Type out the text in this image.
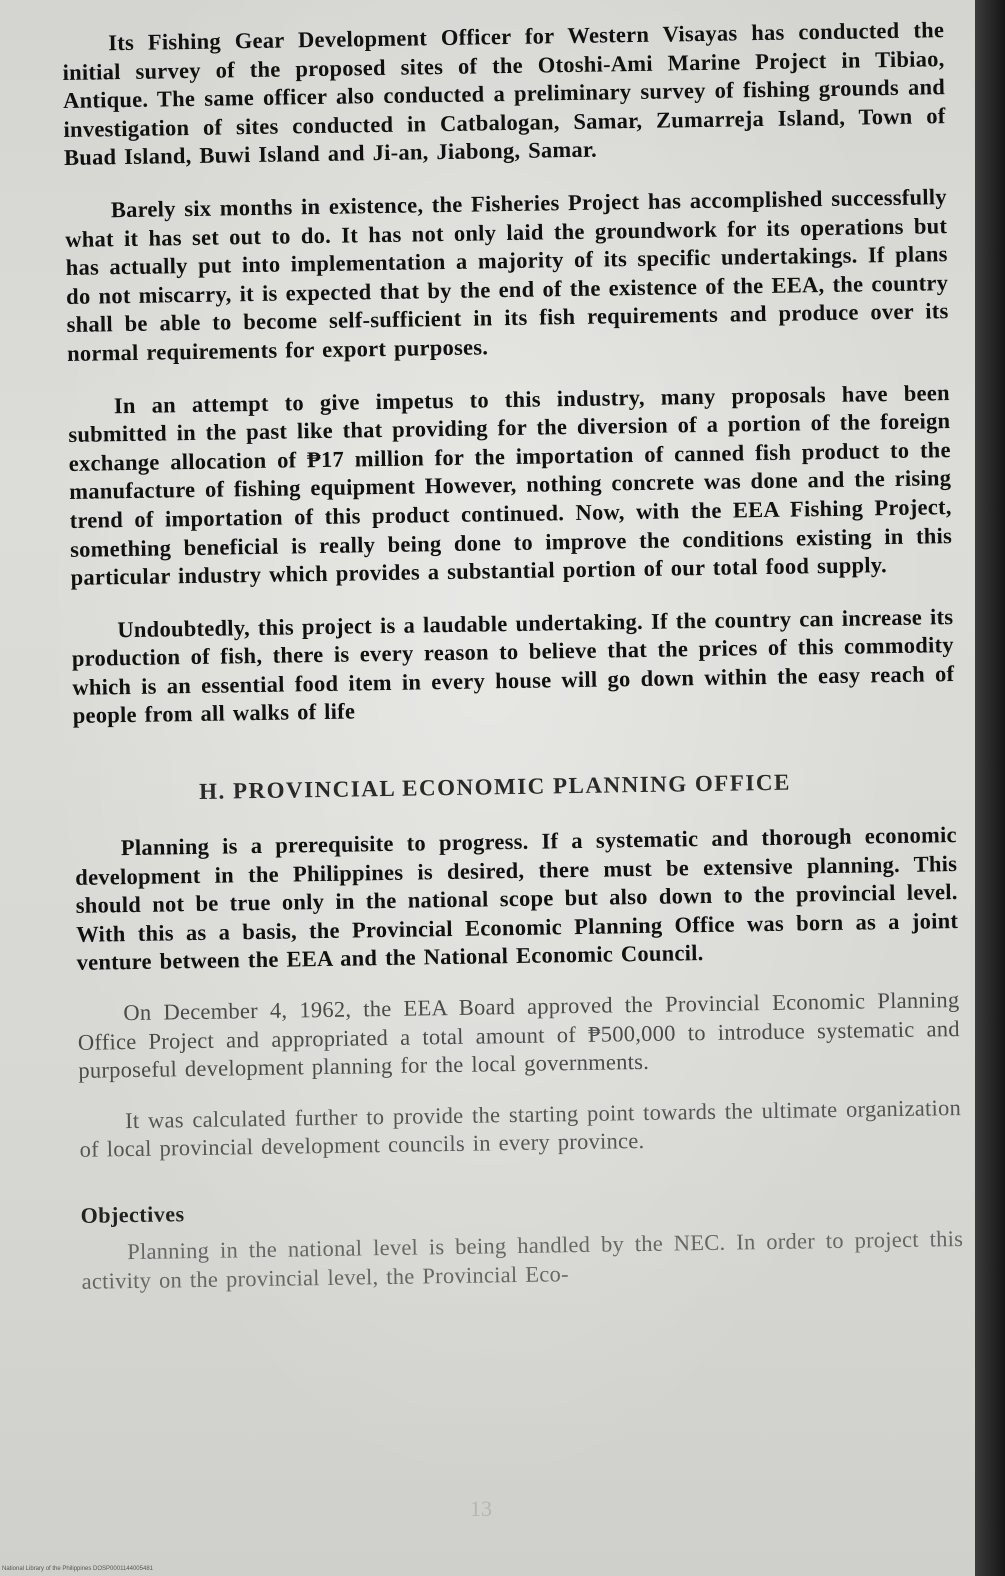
Its Fishing Gear Development Officer for Western Visayas has conducted the initial survey of the proposed sites of the Otoshi-Ami Marine Project in Tibiao, Antique. The same officer also conducted a preliminary survey of fishing grounds and investigation of sites conducted in Catbalogan, Samar, Zumarreja Island, Town of Buad Island, Buwi Island and Ji-an, Jiabong, Samar.

Barely six months in existence, the Fisheries Project has accomplished successfully what it has set out to do. It has not only laid the groundwork for its operations but has actually put into implementation a majority of its specific undertakings. If plans do not miscarry, it is expected that by the end of the existence of the EEA, the country shall be able to become self-sufficient in its fish requirements and produce over its normal requirements for export purposes.

In an attempt to give impetus to this industry, many proposals have been submitted in the past like that providing for the diversion of a portion of the foreign exchange allocation of ₱17 million for the importation of canned fish product to the manufacture of fishing equipment However, nothing concrete was done and the rising trend of importation of this product continued. Now, with the EEA Fishing Project, something beneficial is really being done to improve the conditions existing in this particular industry which provides a substantial portion of our total food supply.

Undoubtedly, this project is a laudable undertaking. If the country can increase its production of fish, there is every reason to believe that the prices of this commodity which is an essential food item in every house will go down within the easy reach of people from all walks of life

H. PROVINCIAL ECONOMIC PLANNING OFFICE

Planning is a prerequisite to progress. If a systematic and thorough economic development in the Philippines is desired, there must be extensive planning. This should not be true only in the national scope but also down to the provincial level. With this as a basis, the Provincial Economic Planning Office was born as a joint venture between the EEA and the National Economic Council.

On December 4, 1962, the EEA Board approved the Provincial Economic Planning Office Project and appropriated a total amount of ₱500,000 to introduce systematic and purposeful development planning for the local governments.

It was calculated further to provide the starting point towards the ultimate organization of local provincial development councils in every province.

Objectives

Planning in the national level is being handled by the NEC. In order to project this activity on the provincial level, the Provincial Eco-

13
National Library of the Philippines DOSP0001144005481
